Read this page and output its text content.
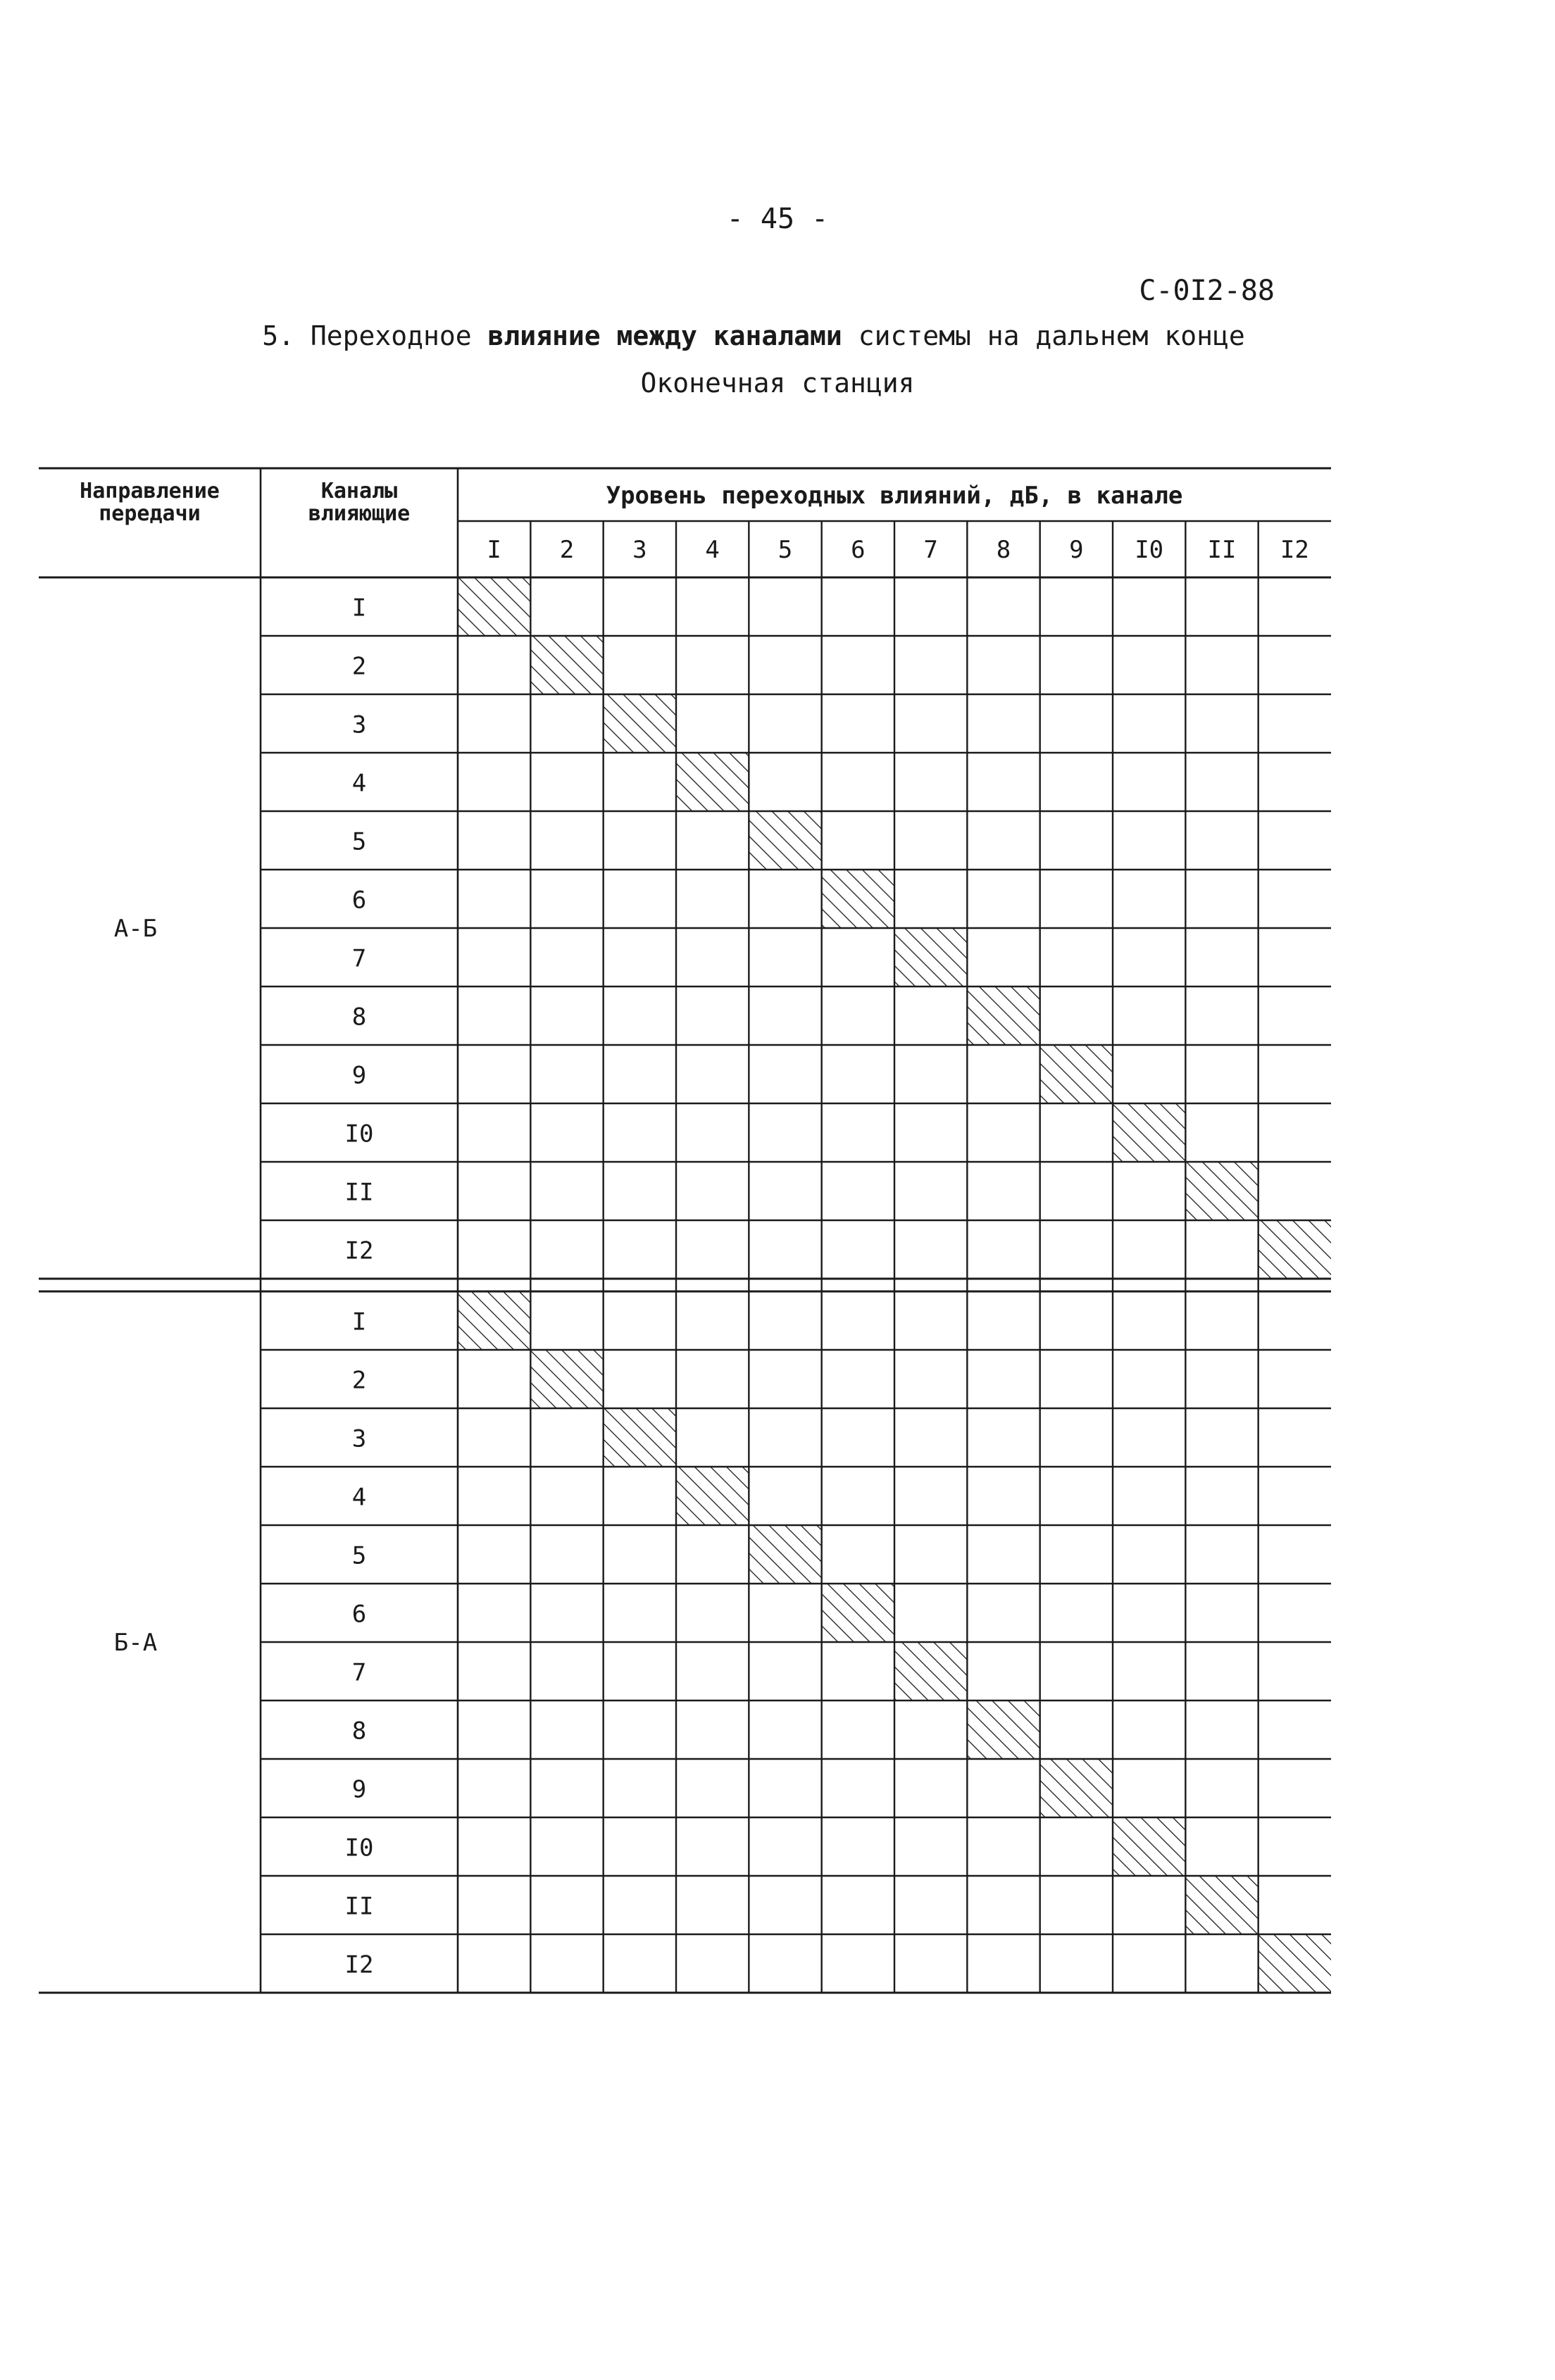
- 45 -
С-0I2-88
5. Переходное влияние между каналами системы на дальнем конце
Оконечная станция
Направление
передачи
Каналы
влияющие
Уровень переходных влияний, дБ, в канале
I 2 3 4 5 6 7 8 9 I0 II I2
I
2
3
4
5
6
7
8
9
I0
II
I2
А-Б
I
2
3
4
5
6
7
8
9
I0
II
I2
Б-А
